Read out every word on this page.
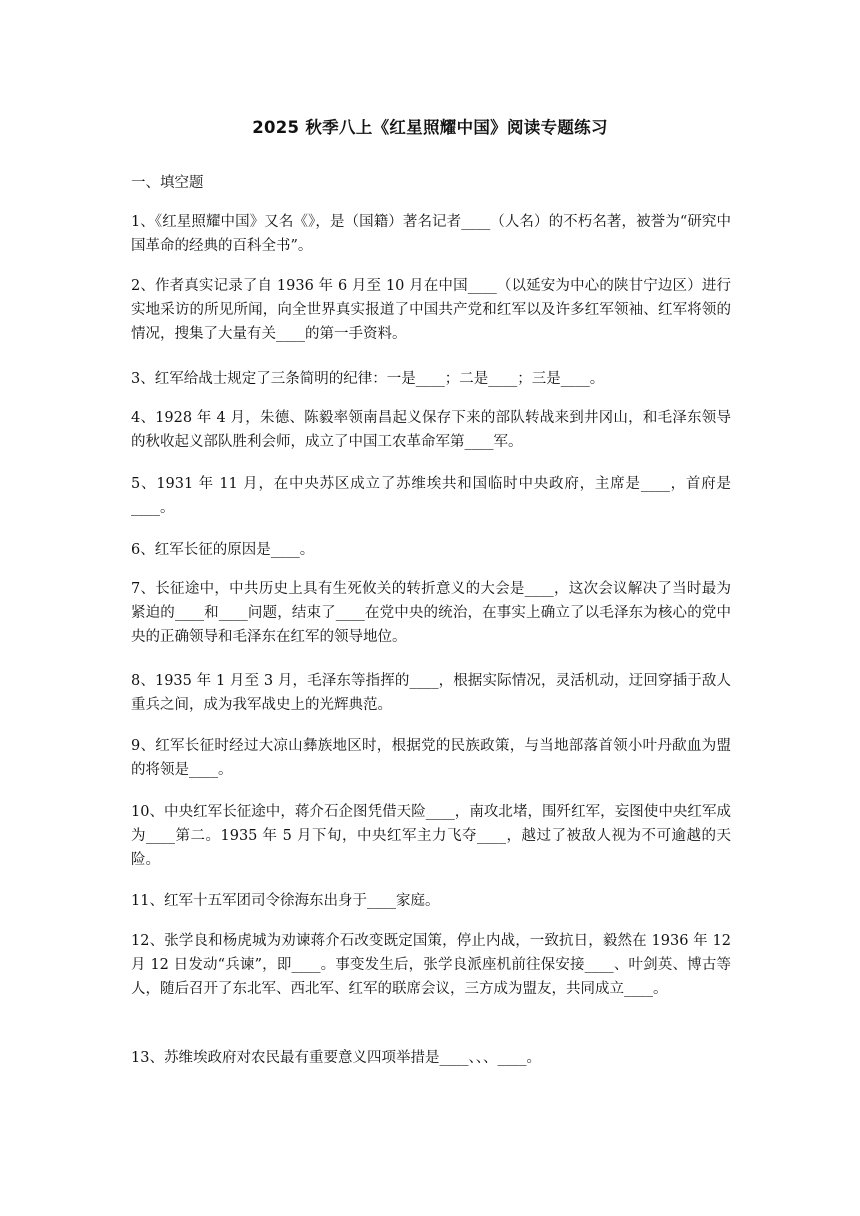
2025 秋季八上《红星照耀中国》阅读专题练习
一、填空题

1、《红星照耀中国》又名《》，是（国籍）著名记者____（人名）的不朽名著，被誉为“研究中国革命的经典的百科全书”。

2、作者真实记录了自 1936 年 6 月至 10 月在中国____（以延安为中心的陕甘宁边区）进行实地采访的所见所闻，向全世界真实报道了中国共产党和红军以及许多红军领袖、红军将领的情况，搜集了大量有关____的第一手资料。

3、红军给战士规定了三条简明的纪律：一是____；二是____；三是____。

4、1928 年 4 月，朱德、陈毅率领南昌起义保存下来的部队转战来到井冈山，和毛泽东领导的秋收起义部队胜利会师，成立了中国工农革命军第____军。

5、1931 年 11 月，在中央苏区成立了苏维埃共和国临时中央政府，主席是____，首府是____。

6、红军长征的原因是____。

7、长征途中，中共历史上具有生死攸关的转折意义的大会是____，这次会议解决了当时最为紧迫的____和____问题，结束了____在党中央的统治，在事实上确立了以毛泽东为核心的党中央的正确领导和毛泽东在红军的领导地位。

8、1935 年 1 月至 3 月，毛泽东等指挥的____，根据实际情况，灵活机动，迂回穿插于敌人重兵之间，成为我军战史上的光辉典范。

9、红军长征时经过大凉山彝族地区时，根据党的民族政策，与当地部落首领小叶丹歃血为盟的将领是____。

10、中央红军长征途中，蒋介石企图凭借天险____，南攻北堵，围歼红军，妄图使中央红军成为____第二。1935 年 5 月下旬，中央红军主力飞夺____，越过了被敌人视为不可逾越的天险。

11、红军十五军团司令徐海东出身于____家庭。

12、张学良和杨虎城为劝谏蒋介石改变既定国策，停止内战，一致抗日，毅然在 1936 年 12 月 12 日发动“兵谏”，即____。事变发生后，张学良派座机前往保安接____、叶剑英、博古等人，随后召开了东北军、西北军、红军的联席会议，三方成为盟友，共同成立____。

13、苏维埃政府对农民最有重要意义四项举措是____、、、____。
